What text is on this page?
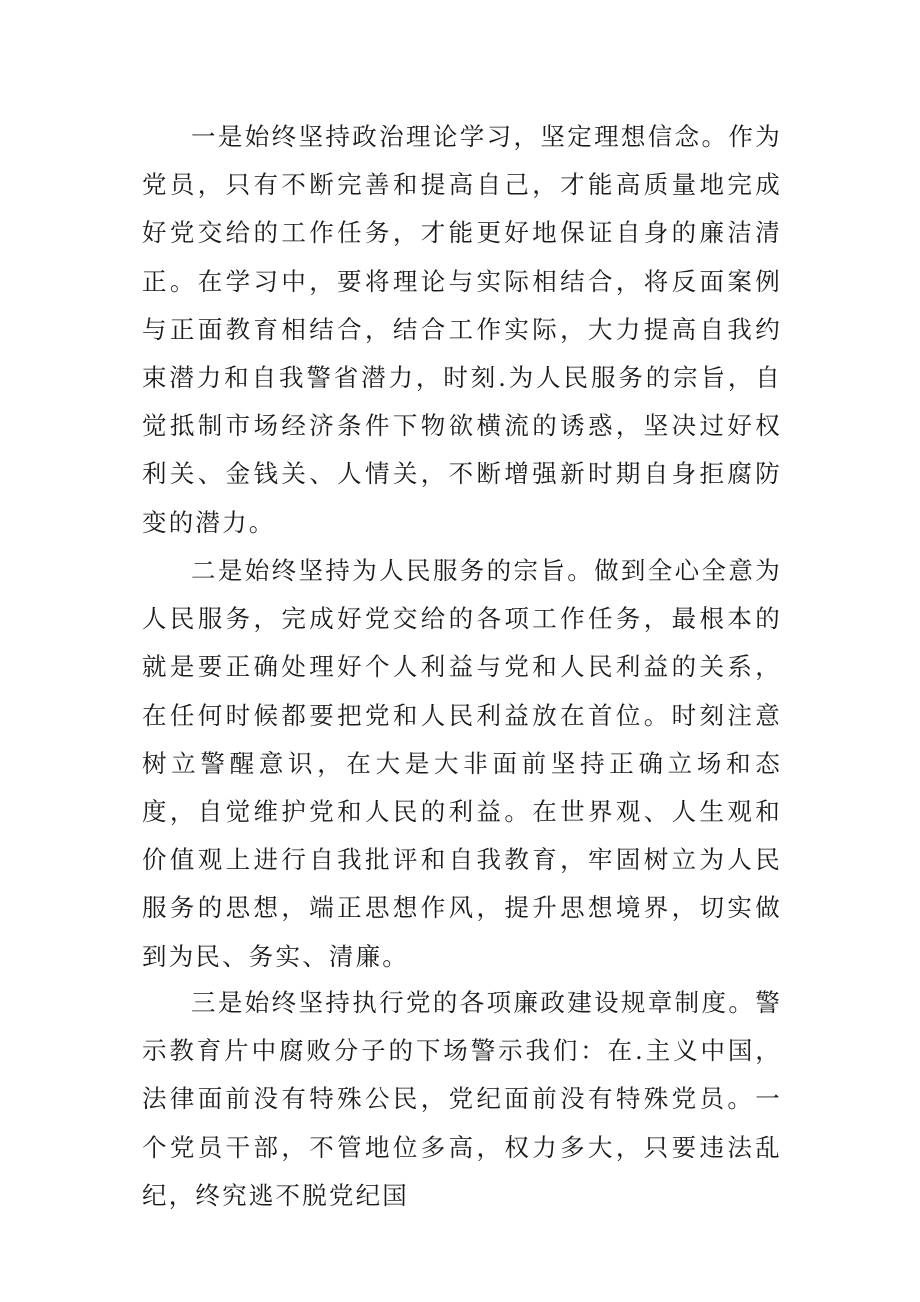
一是始终坚持政治理论学习，坚定理想信念。作为党员，只有不断完善和提高自己，才能高质量地完成好党交给的工作任务，才能更好地保证自身的廉洁清正。在学习中，要将理论与实际相结合，将反面案例与正面教育相结合，结合工作实际，大力提高自我约束潜力和自我警省潜力，时刻.为人民服务的宗旨，自觉抵制市场经济条件下物欲横流的诱惑，坚决过好权利关、金钱关、人情关，不断增强新时期自身拒腐防变的潜力。

二是始终坚持为人民服务的宗旨。做到全心全意为人民服务，完成好党交给的各项工作任务，最根本的就是要正确处理好个人利益与党和人民利益的关系，在任何时候都要把党和人民利益放在首位。时刻注意树立警醒意识，在大是大非面前坚持正确立场和态度，自觉维护党和人民的利益。在世界观、人生观和价值观上进行自我批评和自我教育，牢固树立为人民服务的思想，端正思想作风，提升思想境界，切实做到为民、务实、清廉。

三是始终坚持执行党的各项廉政建设规章制度。警示教育片中腐败分子的下场警示我们：在.主义中国，法律面前没有特殊公民，党纪面前没有特殊党员。一个党员干部，不管地位多高，权力多大，只要违法乱纪，终究逃不脱党纪国
